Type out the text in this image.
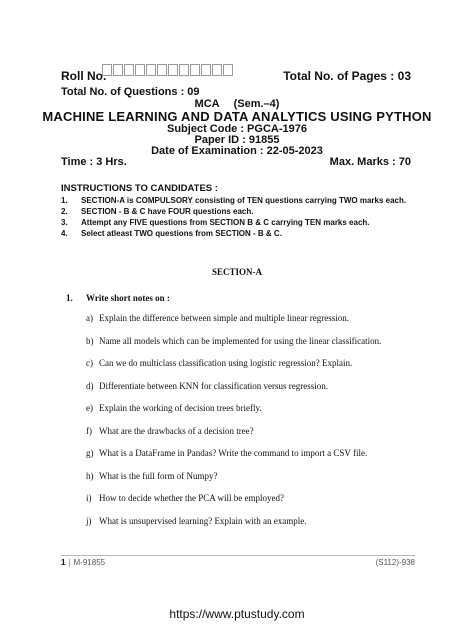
Roll No.	Total No. of Pages : 03
Total No. of Questions : 09
MCA (Sem.–4)
MACHINE LEARNING AND DATA ANALYTICS USING PYTHON
Subject Code : PGCA-1976
Paper ID : 91855
Date of Examination : 22-05-2023
Time : 3 Hrs.	Max. Marks : 70
INSTRUCTIONS TO CANDIDATES :
1.	SECTION-A is COMPULSORY consisting of TEN questions carrying TWO marks each.
2.	SECTION - B & C have FOUR questions each.
3.	Attempt any FIVE questions from SECTION B & C carrying TEN marks each.
4.	Select atleast TWO questions from SECTION - B & C.
SECTION-A
1. Write short notes on :
a) Explain the difference between simple and multiple linear regression.
b) Name all models which can be implemented for using the linear classification.
c) Can we do multiclass classification using logistic regression? Explain.
d) Differentiate between KNN for classification versus regression.
e) Explain the working of decision trees briefly.
f) What are the drawbacks of a decision tree?
g) What is a DataFrame in Pandas? Write the command to import a CSV file.
h) What is the full form of Numpy?
i) How to decide whether the PCA will be employed?
j) What is unsupervised learning? Explain with an example.
1 | M-91855	(S112)-938
https://www.ptustudy.com
